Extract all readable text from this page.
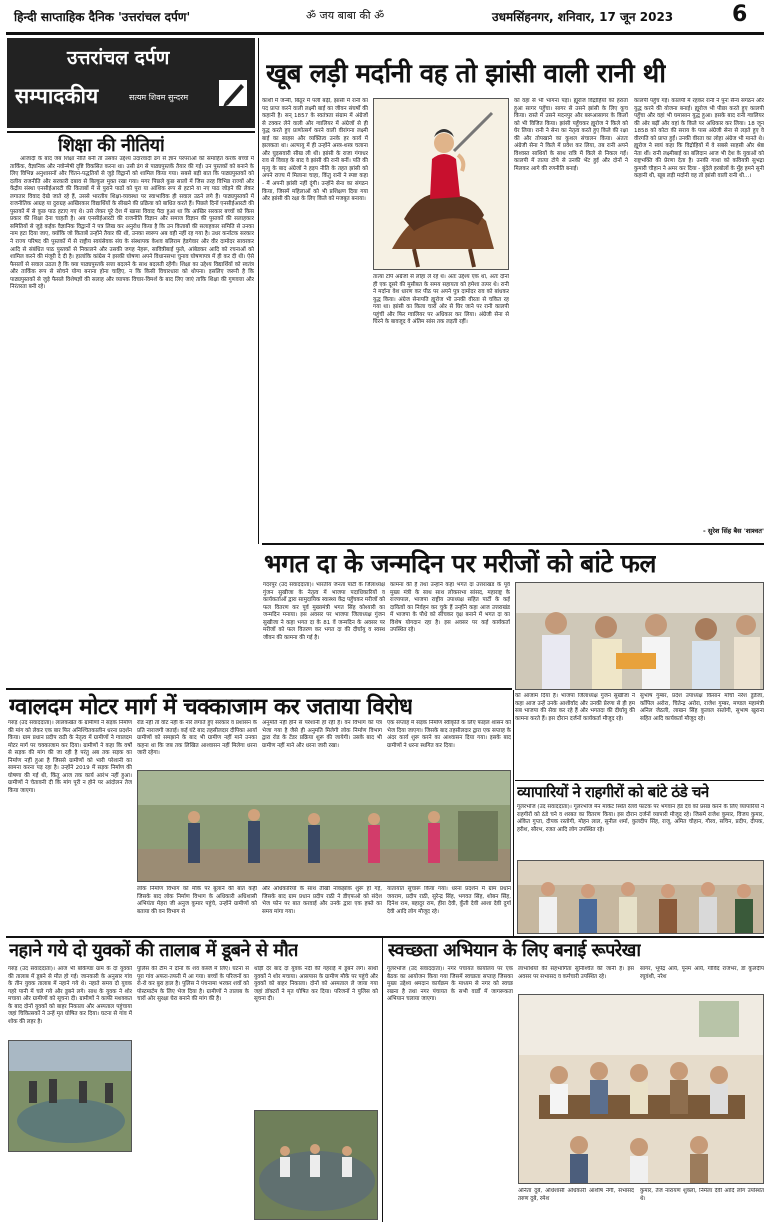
हिन्दी साप्ताहिक दैनिक 'उत्तरांचल दर्पण'	ॐ जय बाबा की ॐ	उधमसिंहनगर, शनिवार, 17 जून 2023	6
उत्तरांचल दर्पण
सम्पादकीय	सत्यम शिवम सुन्दरम
शिक्षा की नीतियां
आजादी के बाद जब शिक्षा नीति बनी तो उसका उद्देश्य उदारवादी ढंग से ज्ञान परंपराओं को समाहित करके बच्चों में तार्किक, वैज्ञानिक और नवोन्मेषी दृष्टि विकसित करना था। उसी ढंग से पाठ्यपुस्तकें तैयार की गईं। उन पुस्तकों को बनाने के लिए विभिन्न अनुशासनों और चिंतन-पद्धतियों से जुड़े विद्वानों को शामिल किया गया। सबसे बड़ी बात कि पाठ्यपुस्तकों को दलीय राजनीति और सरकारी दबाव से बिल्कुल मुक्त रखा गया। मगर पिछले कुछ सालों में जिस तरह विभिन्न राज्यों और केंद्रीय संस्था एनसीईआरटी की किताबों में से पुराने पाठों को पूरा या आंशिक रूप से हटाने या नए पाठ जोड़ने की लेकर लगातार विवाद देखे जाते रहे हैं, उससे भारतीय शिक्षा-व्यवस्था पर स्वाभाविक ही सवाल उठने लगे हैं। पाठ्यपुस्तकों में राजनीतिक आग्रह या दुराग्रह आखिरकार विद्यार्थियों के सीखने की प्रक्रिया को बाधित करते हैं। पिछले दिनों एनसीईआरटी की पुस्तकों में से कुछ पाठ हटाए गए थे। उसे लेकर पूरे देश में खासा विवाद पैदा हुआ था कि आखिर सरकार बच्चों को किस प्रकार की शिक्षा देना चाहती है। अब एनसीईआरटी की राजनीति विज्ञान और समाज विज्ञान की पुस्तकों की सलाहकार समितियों से जुड़े कईक वैज्ञानिक विद्वानों ने पत्र लिख कर अनुरोध किया है कि उन किताबों की सलाहकार समिति से उनका नाम हटा दिया जाए, क्योंकि जो किताबें उन्होंने तैयार की थीं, उनका स्वरूप अब वही नहीं रह गया है। उधर कर्नाटक सरकार ने राज्य परिषद की पुस्तकों में से राष्ट्रीय स्वयंसेवक संघ के संस्थापक केशव बलिराम हेडगेवार और वीर दामोदर सावरकर आदि से संबंधित पाठ पुस्तकों से निकालने और उसकी जगह नेहरू, सावित्रीबाई फुले, आंबेडकर आदि को रचनाओं को शामिल करने की मंजूरी दे दी है। हालांकि कांग्रेस ने इसकी घोषणा अपने विधानसभा चुनाव घोषणापत्र में ही कर दी थी। ऐसे फैसलों से सवाल उठता है कि क्या पाठ्यपुस्तकें सत्ता बदलने के साथ बदलती रहेंगी। शिक्षा का उद्देश्य विद्यार्थियों को स्वतंत्र और तार्किक रूप से सोचने योग्य बनाना होना चाहिए, न कि किसी विचारधारा को थोपना। इसलिए जरूरी है कि पाठ्यपुस्तकों से जुड़े फैसले विशेषज्ञों की सलाह और व्यापक विचार-विमर्श के बाद लिए जाएं ताकि शिक्षा की गुणवत्ता और निरंतरता बनी रहे।
खूब लड़ी मर्दानी वह तो झांसी वाली रानी थी
काशी में जन्मी, बिठूर में पली बढ़ी, झांसी में रानी का पद प्राप्त करने वाली लक्ष्मी बाई का जीवन संघर्षों की कहानी है। सन् 1857 के स्वतंत्रता संग्राम में अंग्रेजों से टक्कर लेने वाली और ग्वालियर में अंग्रेजों से ही युद्ध करते हुए प्राणोत्सर्ग करने वाली वीरांगना लक्ष्मी बाई का साहस और व्यक्तित्व उनके हर कार्य में झलकता था। अल्पायु में ही उन्होंने अस्त्र-शस्त्र चलाना और घुड़सवारी सीख ली थी। झांसी के राजा गंगाधर राव से विवाह के बाद वे झांसी की रानी बनीं। पति की मृत्यु के बाद अंग्रेजों ने हड़प नीति के तहत झांसी को अपने राज्य में मिलाना चाहा, किंतु रानी ने स्पष्ट कहा - मैं अपनी झांसी नहीं दूंगी। उन्होंने सेना का संगठन किया, जिसमें महिलाओं को भी प्रशिक्षण दिया गया और झांसी की रक्षा के लिए किले को मजबूत बनाया।
तात्या टोपे अंग्रेजों से लोहा ले रहे थे। अतः उद्देश्य एक था, अतः दोनों ही एक दूसरे की मुसीबत के समय सहायता को हमेशा तत्पर थे। रानी ने मर्दाना वेश धारण कर पीठ पर अपने पुत्र दामोदर राव को बांधकर युद्ध किया। अंग्रेज सेनापति ह्यूरोज भी उनकी वीरता से चकित रह गया था। झांसी का किला चारों ओर से घिर जाने पर रानी कालपी पहुंचीं और फिर ग्वालियर पर अधिकार कर लिया। अंग्रेजी सेना से घिरने के बावजूद वे अंतिम सांस तक लड़ती रहीं।
को वहां से भी भागना पड़ा। ह्यूरोज विद्रोहियों को हराता हुआ सागर पहुँचा। सागर से उसने झांसी के लिए कूच किया। रास्ते में उसने मदनपुर और बरूआसागर के किलों को भी विजित किया। झांसी पहुँचकर ह्यूरोज ने किले को घेर लिया। रानी ने सेना का नेतृत्व करते हुए किले की रक्षा की और तोपखाने का कुशल संचालन किया। अंततः अंग्रेजी सेना ने किले में प्रवेश कर लिया, तब रानी अपने विश्वस्त साथियों के साथ रात्रि में किले से निकल गईं। कालपी में तात्या टोपे से उनकी भेंट हुई और दोनों ने मिलकर आगे की रणनीति बनाई।
कालपी पहुँच गई। कालपी में रहकर रानी ने पुनः सैन्य संगठन और युद्ध करने की योजना बनाई। ह्यूरोज भी पीछा करते हुए कालपी पहुँचा और वहां भी घमासान युद्ध हुआ। इसके बाद रानी ग्वालियर की ओर बढ़ीं और वहां के किले पर अधिकार कर लिया। 18 जून 1858 को कोटा की सराय के पास अंग्रेजी सेना से लड़ते हुए वे वीरगति को प्राप्त हुईं। उनकी वीरता का लोहा अंग्रेज भी मानते थे। ह्यूरोज ने स्वयं कहा कि विद्रोहियों में वे सबसे साहसी और श्रेष्ठ नेता थीं। रानी लक्ष्मीबाई का बलिदान आज भी देश के युवाओं को राष्ट्रभक्ति की प्रेरणा देता है। उनकी गाथा को कवियत्री सुभद्रा कुमारी चौहान ने अमर कर दिया - बुंदेले हरबोलों के मुँह हमने सुनी कहानी थी, खूब लड़ी मर्दानी वह तो झांसी वाली रानी थी...।
- सुरेश सिंह बैस 'शाश्वत'
भगत दा के जन्मदिन पर मरीजों को बांटे फल
गदरपुर (उद संवाददाता)। भारतीय जनता पार्टी के जिलाध्यक्ष गुंजन सुखीजा के नेतृत्व में भाजपा पदाधिकारियों व कार्यकर्ताओं द्वारा सामुदायिक स्वास्थ्य केंद्र पहुँचकर मरीजों को फल वितरण कर पूर्व मुख्यमंत्री भगत सिंह कोश्यारी का जन्मदिन मनाया। इस अवसर पर भाजपा जिलाध्यक्ष गुंजन सुखीजा ने कहा भगत दा के 81 वें जन्मदिन के अवसर पर मरीजों को फल वितरण कर भगत दा की दीर्घायु व स्वस्थ जीवन की कामना की गई है।
कामना की है तथा उन्होंने कहा भगत दा उत्तराखंड के पूर्व मुख्य मंत्री के साथ साथ लोकसभा सांसद, महाराष्ट्र के राज्यपाल, भाजपा राष्ट्रीय उपाध्यक्ष सहित पार्टी के कई दायित्वों का निर्वहन कर चुके हैं उन्होंने कहा आज उत्तराखंड में भाजपा के पौधे को सींचकर वृक्ष बनाने में भगत दा का विशेष योगदान रहा है। इस अवसर पर कई कार्यकर्ता उपस्थित रहे।
को आंजाम दिया है। भाजपा जिलाध्यक्ष गुंजन सुखीजा ने कहा आज उन्हें उनके आशीर्वाद और उनकी प्रेरणा से ही हम सब भाजपा की सेवा कर रहे हैं और भगतदा की दीर्घायु की कामना करते हैं। इस दौरान दर्जनों कार्यकर्ता मौजूद रहे।
सुभाष गुम्बर, प्रदेश उपाध्यक्ष किसान मोर्चा नरेश डुडेजा, काँपिल अरोरा, चितेन्द्र अरोरा, राजेश गुम्बर, मण्डल महामंत्री अनिल जेठली, लाखन सिंह कुलाल रस्तोगी, सुभाष खुराना सहित आदि कार्यकर्ता मौजूद रहे।
ग्वालदम मोटर मार्ग में चक्काजाम कर जताया विरोध
गरुड़ (उद संवाददाता)। लालकखेत के ग्रामीणों ने सड़क निर्माण की मांग को लेकर एक बार फिर अनिश्चितकालीन धरना प्रदर्शन किया। ग्राम प्रधान प्रदीप राठी के नेतृत्व में ग्रामीणों ने ग्वालदम मोटर मार्ग पर चक्काजाम कर दिया। ग्रामीणों ने कहा कि वर्षों से सड़क की मांग की जा रही है परंतु अब तक सड़क का निर्माण नहीं हुआ है जिससे ग्रामीणों को भारी परेशानी का सामना करना पड़ रहा है। उन्होंने 2019 में सड़क निर्माण की घोषणा की गई थी, किंतु आज तक कार्य आरंभ नहीं हुआ। ग्रामीणों ने चेतावनी दी कि मांग पूरी न होने पर आंदोलन तेज किया जाएगा।
रोड नहीं तो वोट नहीं के नारे लगाते हुए सरकार व प्रशासन के प्रति नाराजगी जताई। कई घंटे बाद तहसीलदार दीपिका आर्या ग्रामीणों को समझाने के बाद भी ग्रामीण नहीं माने उनका कहना था कि जब तक लिखित आश्वासन नहीं मिलेगा धरना जारी रहेगा।
अनुमति नहीं होने से परेशानी हो रही है। वन विभाग को पत्र भेजा गया है जैसे ही अनुमति मिलेगी लोक निर्माण विभाग द्वारा रोड के टेंडर प्रक्रिया शुरू की जायेगी। उसके बाद भी ग्रामीण नहीं माने और धरना जारी रखा।
एक सप्ताह में सड़क निर्माण स्वीकृति के लिए फाइल शासन को भेज दिया जाएगा। जिसके बाद तहसीलदार द्वारा एक सप्ताह के अंदर कार्य शुरू करने का आश्वासन दिया गया। इसके बाद ग्रामीणों ने धरना स्थगित कर दिया।
लोक निर्माण विभाग को मौके पर बुलाने की बात कही जिसके बाद लोक निर्माण विभाग के अधिकारी अधिशासी अभियंता मेहरा जी अनुज कुमार पहुंचे, उन्होंने ग्रामीणों को बताया की वन विभाग से
और अधिकारियों के साथ तीखी नोकझोंक शुरू हो गई, जिसके बाद ग्राम प्रधान प्रदीप राठी ने डीएफओ को संदेश भेज फोन पर बात करवाई और उनके द्वारा एक हफ्ते का समय मांगा गया।
यातायात सुचारू किया गया। धरना प्रदर्शन में ग्राम प्रधान जयराम, प्रदीप राठी, सुरेन्द्र सिंह, भगवत सिंह, शोबन सिंह, दिनेश राम, बहादुर राम, हीरा देवी, कुँती देवी आशा देवी दुर्गा देवी आदि लोग मौजूद रहे।
व्यापारियों ने राहगीरों को बांटे ठंडे चने
गूलरभोज (उद संवाददाता)। गूलरभोज मेन मार्केट स्थित रेलवे फाटक पर भगवान हेड देव को प्रसन्न करने के लिए व्यापारियों ने राहगीरों को ठंडे चने व शरबत का वितरण किया। इस दौरान दर्जनों व्यापारी मौजूद रहे। जिसमें राजेश कुमार, विजय कुमार, अंकित गुप्ता, दीपक रस्तोगी, मोहन लाल, सुनील शर्मा, कुलदीप सिंह, राजू, अमित चौहान, गौरव, सचिन, प्रदीप, दीपक, हरीश, सौरभ, रजत आदि लोग उपस्थित रहे।
नहाने गये दो युवकों की तालाब में डूबने से मौत
गरुड़ (उद संवाददाता)। आज भी बकिण्डा ग्राम के दो युवकों की तालाब में डूबने से मौत हो गई। जानकारी के अनुसार गांव के तीन युवक तालाब में नहाने गये थे। नहाते समय दो युवक गहरे पानी में चले गये और डूबने लगे। साथ के युवक ने शोर मचाया और ग्रामीणों को सूचना दी। ग्रामीणों ने काफी मशक्कत के बाद दोनों युवकों को बाहर निकाला और अस्पताल पहुंचाया जहां चिकित्सकों ने उन्हें मृत घोषित कर दिया। घटना से गांव में शोक की लहर है।
पुलिस की टीम ने दोनों के शव कब्जे में लिए। घटना से पूरा गांव अफरा-तफरी में आ गया। बच्चों के परिजनों का रो-रो कर बुरा हाल है। पुलिस ने पंचनामा भरकर शवों को पोस्टमार्टम के लिए भेज दिया है। ग्रामीणों ने तालाब के चारों ओर सुरक्षा घेरा बनाने की मांग की है।
थोड़ी देर बाद दो युवक नदी की गहराई में डूबने लगे। साथी युवकों ने शोर मचाया। आसपास के ग्रामीण मौके पर पहुंचे और युवकों को बाहर निकाला। दोनों को अस्पताल ले जाया गया जहां डॉक्टरों ने मृत घोषित कर दिया। परिजनों ने पुलिस को सूचना दी।
स्वच्छता अभियान के लिए बनाई रूपरेखा
गूलरभोज (उद संवाददाता)। नगर पंचायत कार्यालय पर एक बैठक का आयोजन किया गया जिसमें स्वच्छता सप्ताह जिसका मुख्य उद्देश्य श्रमदान कार्यक्रम के माध्यम से नगर को स्वच्छ रखना है तथा नगर पंचायत के सभी वार्डों में जागरूकता अभियान चलाया जाएगा।
लाभार्थियों की सहभागिता सुनिश्चित की जानी है। इस अवसर पर सभासद व कर्मचारी उपस्थित रहे।
सागर, भूपेंद्र आर्य, पूनम आर्य, गोविंद राजभर, डॉ कुलदीप रघुवंशी, नरेश
अनिता दुबे, अधिशासी अधिकारी आशीष नेगी, सभासद तरुण दुबे, रमेश
कुमार, तेज नारायण शुक्ला, निर्मला देवी आदि लोग उपस्थित थे।
